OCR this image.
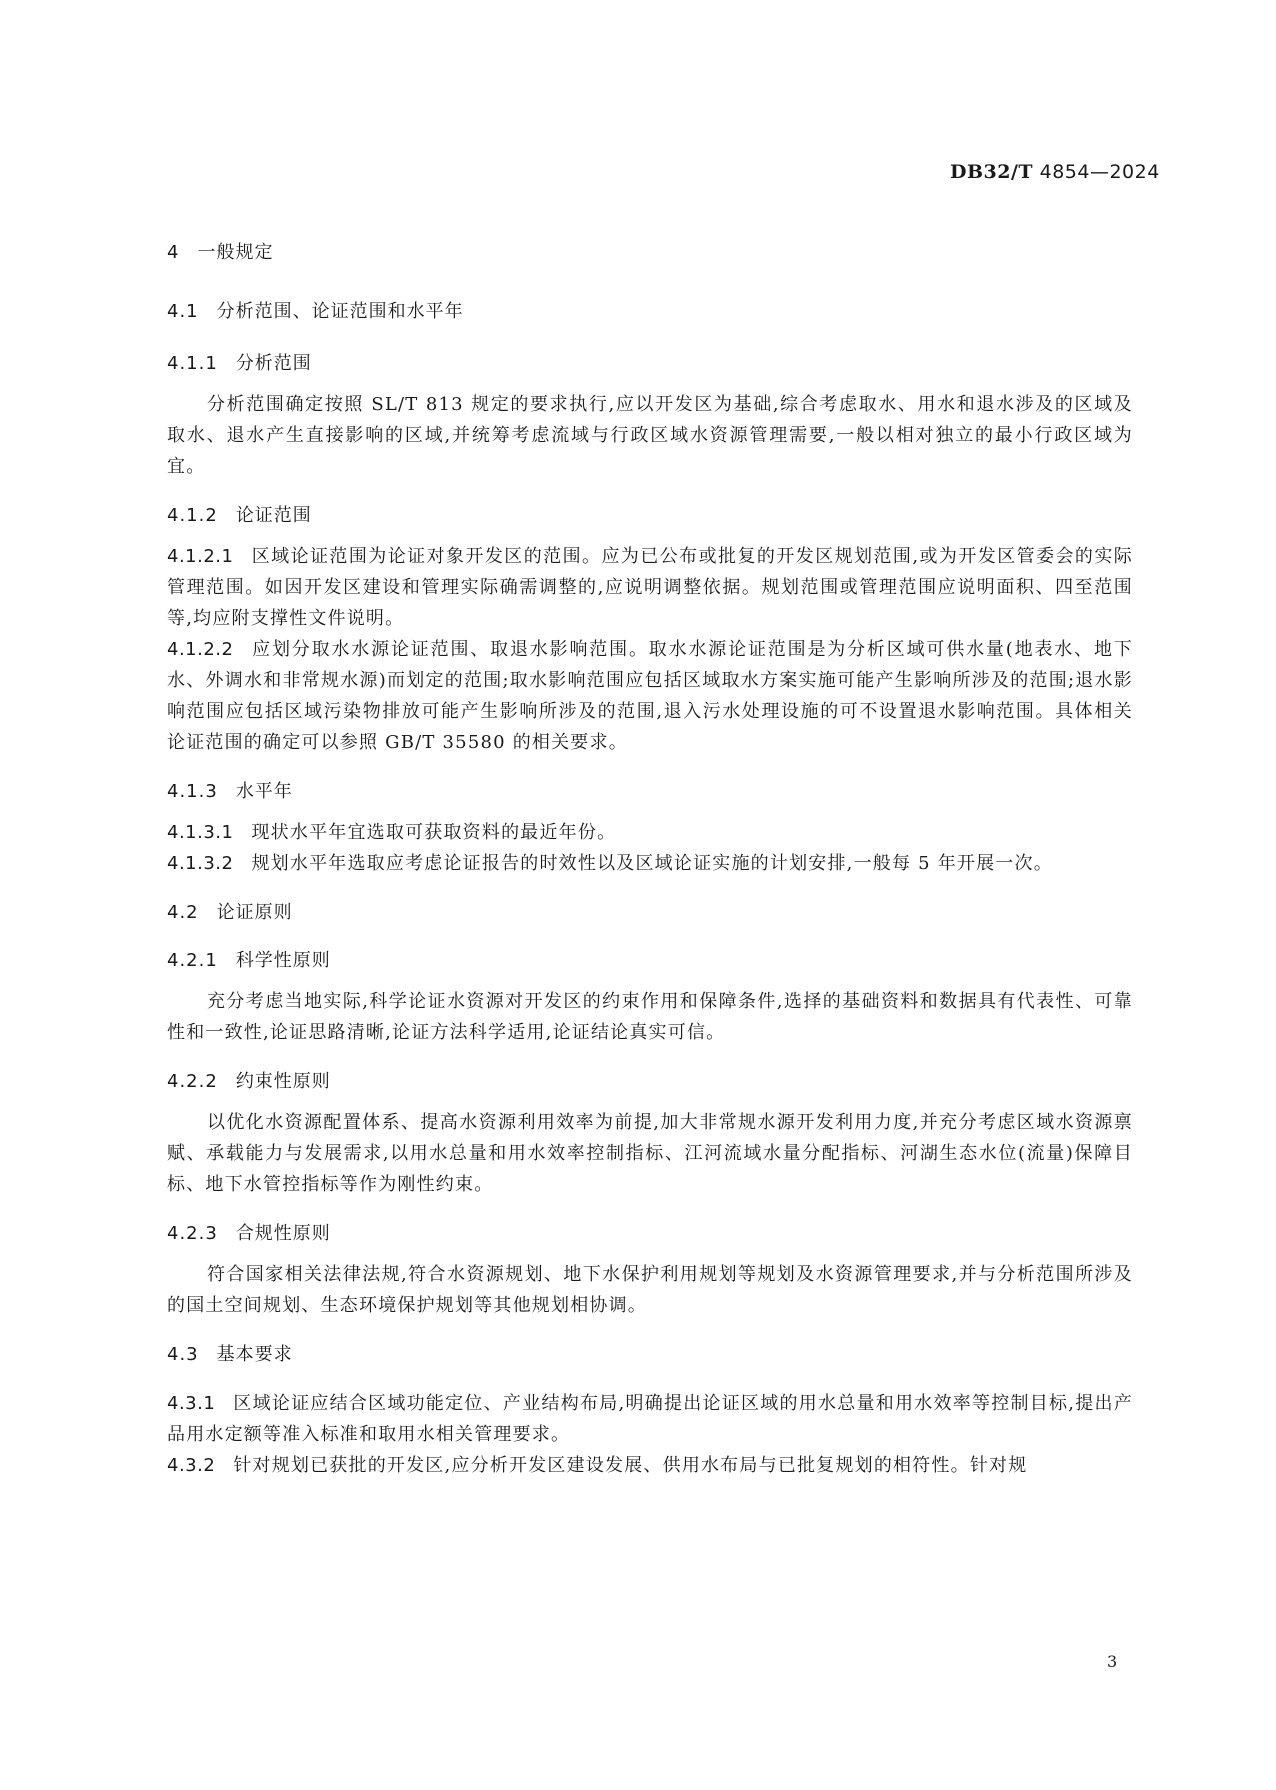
DB32/T 4854—2024

4 一般规定

4.1 分析范围、论证范围和水平年

4.1.1 分析范围

分析范围确定按照 SL/T 813 规定的要求执行,应以开发区为基础,综合考虑取水、用水和退水涉及的区域及取水、退水产生直接影响的区域,并统筹考虑流域与行政区域水资源管理需要,一般以相对独立的最小行政区域为宜。

4.1.2 论证范围

4.1.2.1 区域论证范围为论证对象开发区的范围。应为已公布或批复的开发区规划范围,或为开发区管委会的实际管理范围。如因开发区建设和管理实际确需调整的,应说明调整依据。规划范围或管理范围应说明面积、四至范围等,均应附支撑性文件说明。

4.1.2.2 应划分取水水源论证范围、取退水影响范围。取水水源论证范围是为分析区域可供水量(地表水、地下水、外调水和非常规水源)而划定的范围;取水影响范围应包括区域取水方案实施可能产生影响所涉及的范围;退水影响范围应包括区域污染物排放可能产生影响所涉及的范围,退入污水处理设施的可不设置退水影响范围。具体相关论证范围的确定可以参照 GB/T 35580 的相关要求。

4.1.3 水平年

4.1.3.1 现状水平年宜选取可获取资料的最近年份。

4.1.3.2 规划水平年选取应考虑论证报告的时效性以及区域论证实施的计划安排,一般每 5 年开展一次。

4.2 论证原则

4.2.1 科学性原则

充分考虑当地实际,科学论证水资源对开发区的约束作用和保障条件,选择的基础资料和数据具有代表性、可靠性和一致性,论证思路清晰,论证方法科学适用,论证结论真实可信。

4.2.2 约束性原则

以优化水资源配置体系、提高水资源利用效率为前提,加大非常规水源开发利用力度,并充分考虑区域水资源禀赋、承载能力与发展需求,以用水总量和用水效率控制指标、江河流域水量分配指标、河湖生态水位(流量)保障目标、地下水管控指标等作为刚性约束。

4.2.3 合规性原则

符合国家相关法律法规,符合水资源规划、地下水保护利用规划等规划及水资源管理要求,并与分析范围所涉及的国土空间规划、生态环境保护规划等其他规划相协调。

4.3 基本要求

4.3.1 区域论证应结合区域功能定位、产业结构布局,明确提出论证区域的用水总量和用水效率等控制目标,提出产品用水定额等准入标准和取用水相关管理要求。

4.3.2 针对规划已获批的开发区,应分析开发区建设发展、供用水布局与已批复规划的相符性。针对规

3
